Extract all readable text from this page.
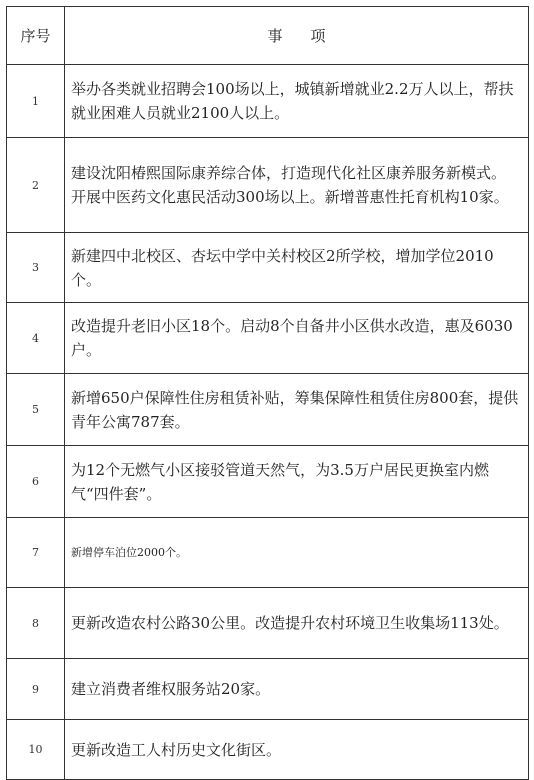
序号	事项
1	举办各类就业招聘会100场以上，城镇新增就业2.2万人以上，帮扶就业困难人员就业2100人以上。
2	建设沈阳椿熙国际康养综合体，打造现代化社区康养服务新模式。开展中医药文化惠民活动300场以上。新增普惠性托育机构10家。
3	新建四中北校区、杏坛中学中关村校区2所学校，增加学位2010个。
4	改造提升老旧小区18个。启动8个自备井小区供水改造，惠及6030户。
5	新增650户保障性住房租赁补贴，筹集保障性租赁住房800套，提供青年公寓787套。
6	为12个无燃气小区接驳管道天然气，为3.5万户居民更换室内燃气“四件套”。
7	新增停车泊位2000个。
8	更新改造农村公路30公里。改造提升农村环境卫生收集场113处。
9	建立消费者维权服务站20家。
10	更新改造工人村历史文化街区。
